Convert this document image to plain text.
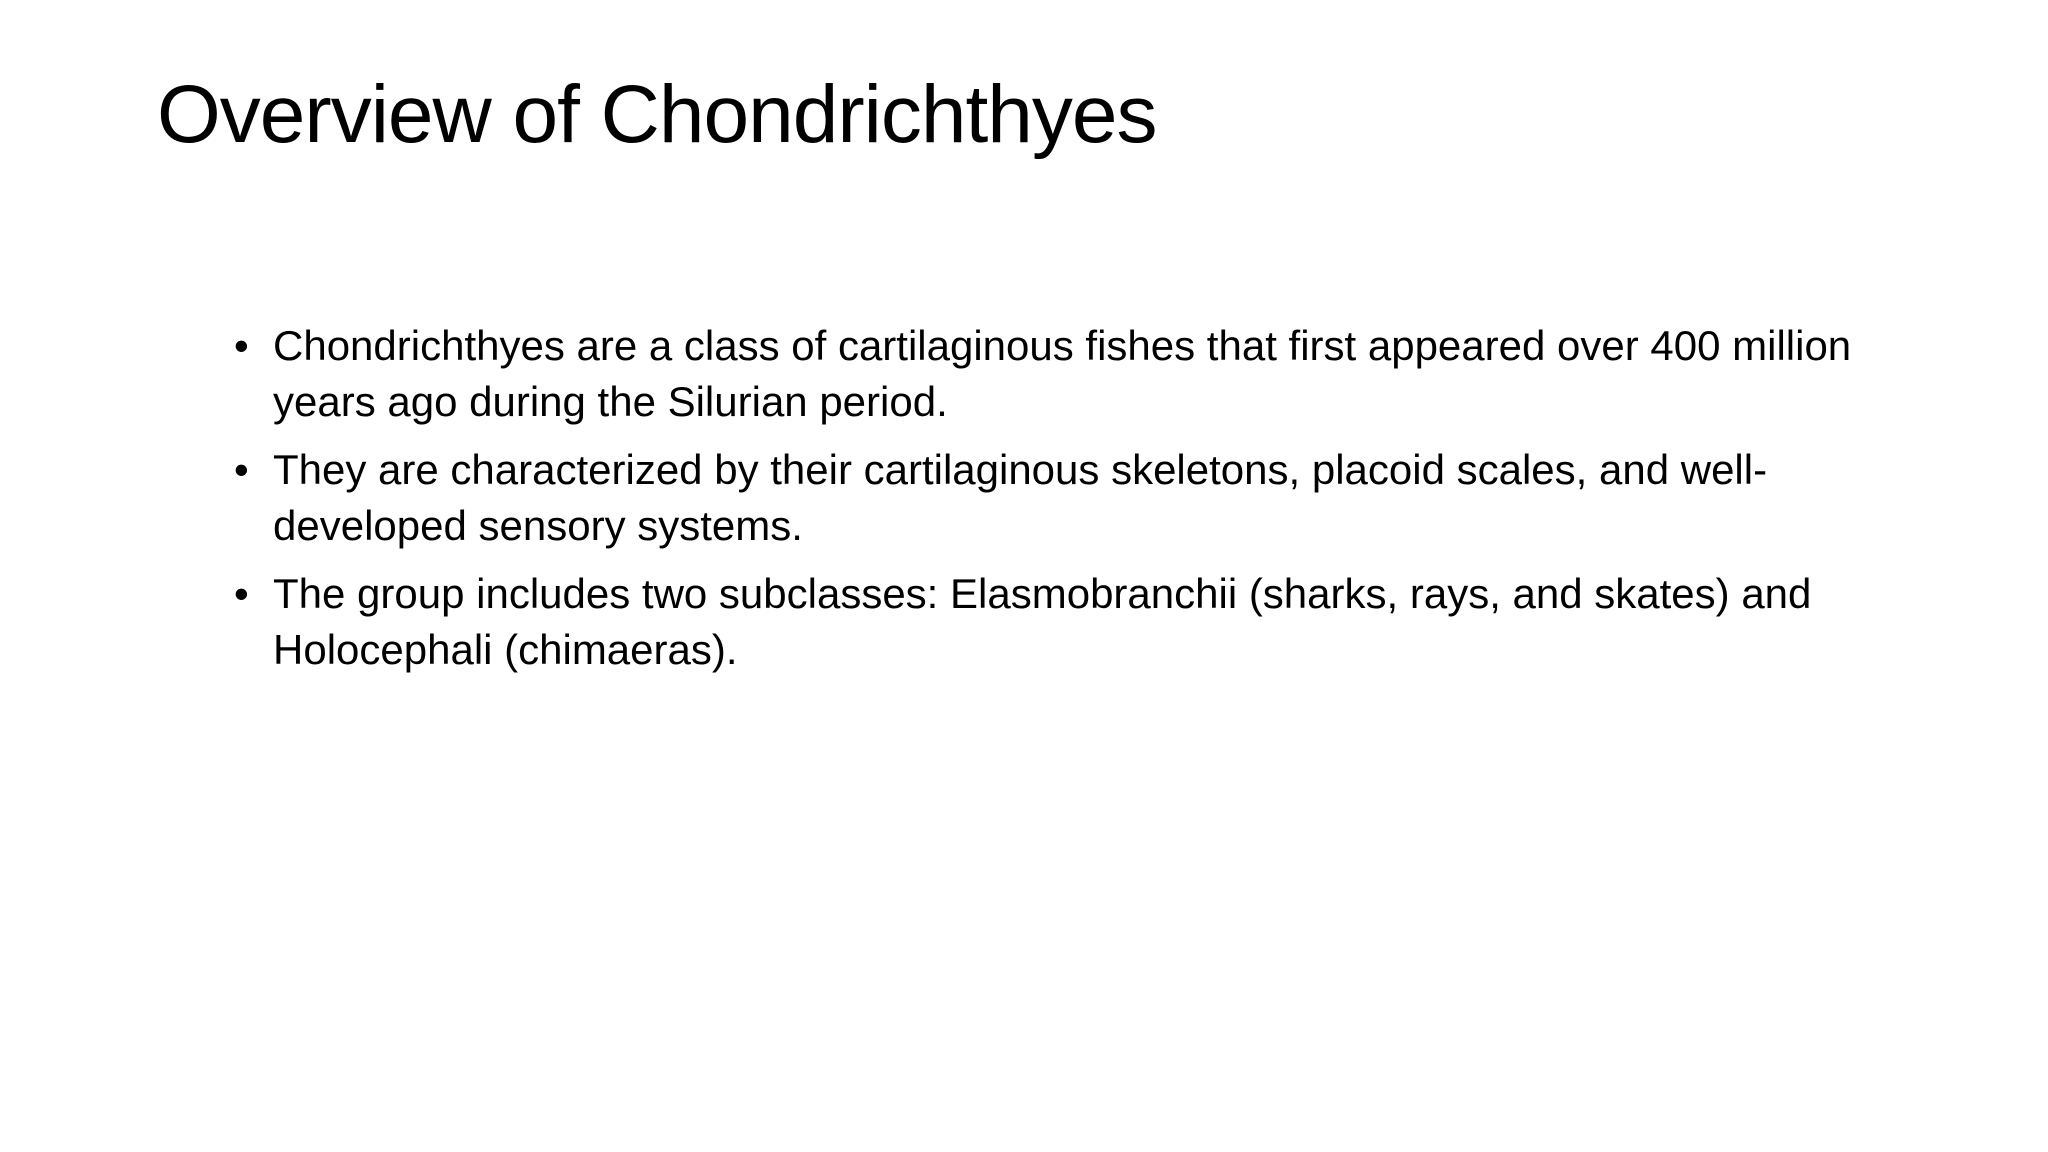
Overview of Chondrichthyes
• Chondrichthyes are a class of cartilaginous fishes that first appeared over 400 million years ago during the Silurian period.
• They are characterized by their cartilaginous skeletons, placoid scales, and well-developed sensory systems.
• The group includes two subclasses: Elasmobranchii (sharks, rays, and skates) and Holocephali (chimaeras).
